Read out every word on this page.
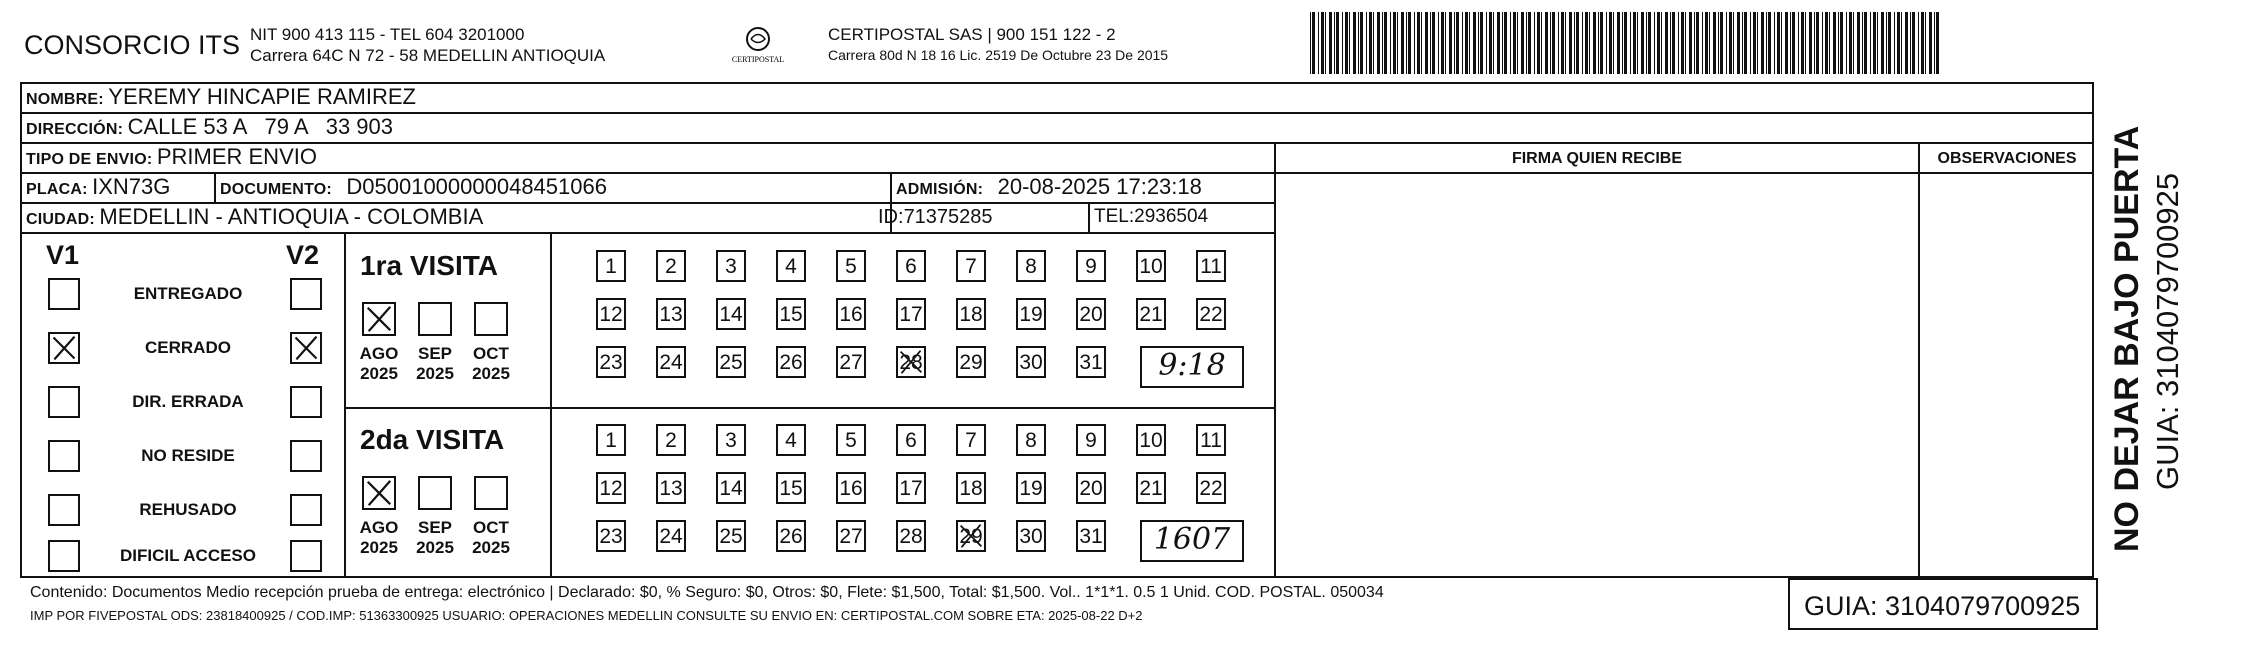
CONSORCIO ITS NIT 900 413 115 - TEL 604 3201000
Carrera 64C N 72 - 58 MEDELLIN ANTIOQUIA	CERTIPOSTAL
CERTIPOSTAL SAS | 900 151 122 - 2
Carrera 80d N 18 16 Lic. 2519 De Octubre 23 De 2015
NOMBRE: YEREMY HINCAPIE RAMIREZ
DIRECCIÓN: CALLE 53 A   79 A   33 903
TIPO DE ENVIO: PRIMER ENVIO
PLACA: IXN73G	DOCUMENTO: D05001000000048451066	ADMISIÓN: 20-08-2025 17:23:18
CIUDAD: MEDELLIN - ANTIOQUIA - COLOMBIA	ID:71375285	TEL:2936504
FIRMA QUIEN RECIBE	OBSERVACIONES
V1	V2
ENTREGADO
CERRADO
DIR. ERRADA
NO RESIDE
REHUSADO
DIFICIL ACCESO
1ra VISITA
AGO
2025
SEP
2025
OCT
2025
1	2	3	4	5	6	7	8	9	10 11
12 13 14 15 16 17 18 19 20 21 22
23 24 25 26 27 28 29 30 31	9:18
2da VISITA
AGO
2025
SEP
2025
OCT
2025
1	2	3	4	5	6	7	8	9	10 11
12 13 14 15 16 17 18 19 20 21 22
23 24 25 26 27 28 29 30 31	1607
Contenido: Documentos Medio recepción prueba de entrega: electrónico | Declarado: $0, % Seguro: $0, Otros: $0, Flete: $1,500, Total: $1,500. Vol.. 1*1*1. 0.5 1 Unid. COD. POSTAL. 050034
IMP POR FIVEPOSTAL ODS: 23818400925 / COD.IMP: 51363300925 USUARIO: OPERACIONES MEDELLIN CONSULTE SU ENVIO EN: CERTIPOSTAL.COM SOBRE ETA: 2025-08-22 D+2	GUIA: 3104079700925
NO DEJAR BAJO PUERTA GUIA: 3104079700925
